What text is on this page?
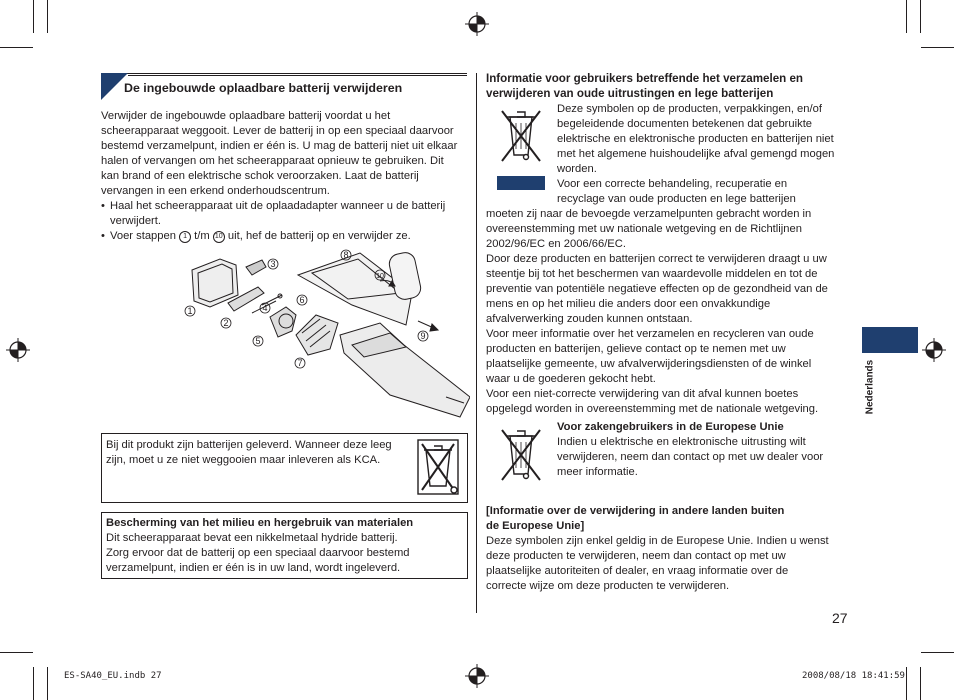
De ingebouwde oplaadbare batterij verwijderen

Verwijder de ingebouwde oplaadbare batterij voordat u het

scheerapparaat weggooit. Lever de batterij in op een speciaal daarvoor

bestemd verzamelpunt, indien er één is. U mag de batterij niet uit elkaar

halen of vervangen om het scheerapparaat opnieuw te gebruiken. Dit

kan brand of een elektrische schok veroorzaken. Laat de batterij

vervangen in een erkend onderhoudscentrum.

• Haal het scheerapparaat uit de oplaadadapter wanneer u de batterij
verwijdert.
• Voer stappen 1 t/m 10 uit, hef de batterij op en verwijder ze.
1
2
3
4
5
6
7
8
9
10

Bij dit produkt zijn batterijen geleverd. Wanneer deze leeg

zijn, moet u ze niet weggooien maar inleveren als KCA.

Bescherming van het milieu en hergebruik van materialen

Dit scheerapparaat bevat een nikkelmetaal hydride batterij.

Zorg ervoor dat de batterij op een speciaal daarvoor bestemd

verzamelpunt, indien er één is in uw land, wordt ingeleverd.

Informatie voor gebruikers betreffende het verzamelen en

verwijderen van oude uitrustingen en lege batterijen

Deze symbolen op de producten, verpakkingen, en/of

begeleidende documenten betekenen dat gebruikte

elektrische en elektronische producten en batterijen niet

met het algemene huishoudelijke afval gemengd mogen

worden.

Voor een correcte behandeling, recuperatie en

recyclage van oude producten en lege batterijen

moeten zij naar de bevoegde verzamelpunten gebracht worden in

overeenstemming met uw nationale wetgeving en de Richtlijnen

2002/96/EC en 2006/66/EC.

Door deze producten en batterijen correct te verwijderen draagt u uw

steentje bij tot het beschermen van waardevolle middelen en tot de

preventie van potentiële negatieve effecten op de gezondheid van de

mens en op het milieu die anders door een onvakkundige

afvalverwerking zouden kunnen ontstaan.

Voor meer informatie over het verzamelen en recycleren van oude

producten en batterijen, gelieve contact op te nemen met uw

plaatselijke gemeente, uw afvalverwijderingsdiensten of de winkel

waar u de goederen gekocht hebt.

Voor een niet-correcte verwijdering van dit afval kunnen boetes

opgelegd worden in overeenstemming met de nationale wetgeving.

Voor zakengebruikers in de Europese Unie

Indien u elektrische en elektronische uitrusting wilt

verwijderen, neem dan contact op met uw dealer voor

meer informatie.

[Informatie over de verwijdering in andere landen buiten

de Europese Unie]

Deze symbolen zijn enkel geldig in de Europese Unie. Indien u wenst

deze producten te verwijderen, neem dan contact op met uw

plaatselijke autoriteiten of dealer, en vraag informatie over de

correcte wijze om deze producten te verwijderen.

Nederlands
27
ES-SA40_EU.indb 27	2008/08/18 18:41:59
